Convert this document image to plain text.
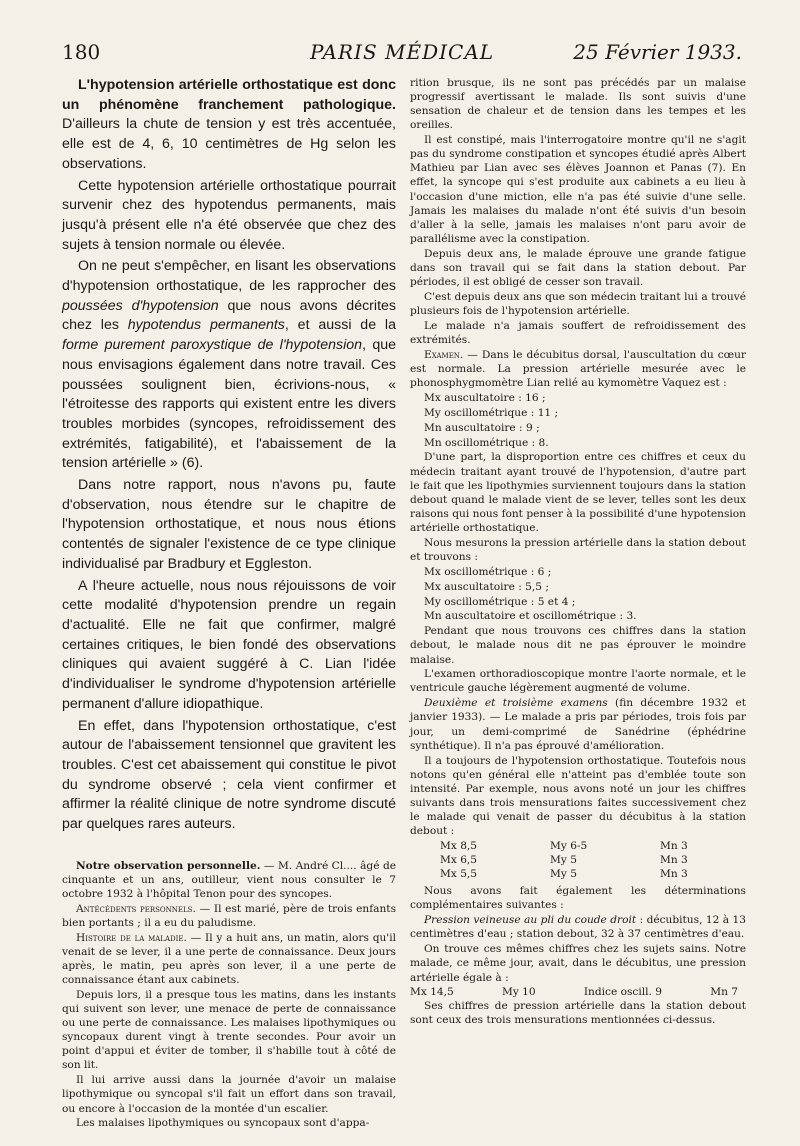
180	PARIS MÉDICAL	25 Février 1933.

L'hypotension artérielle orthostatique est donc un phénomène franchement pathologique. D'ailleurs la chute de tension y est très accentuée, elle est de 4, 6, 10 centimètres de Hg selon les observations.

Cette hypotension artérielle orthostatique pourrait survenir chez des hypotendus permanents, mais jusqu'à présent elle n'a été observée que chez des sujets à tension normale ou élevée.

On ne peut s'empêcher, en lisant les observations d'hypotension orthostatique, de les rapprocher des poussées d'hypotension que nous avons décrites chez les hypotendus permanents, et aussi de la forme purement paroxystique de l'hypotension, que nous envisagions également dans notre travail. Ces poussées soulignent bien, écrivions-nous, « l'étroitesse des rapports qui existent entre les divers troubles morbides (syncopes, refroidissement des extrémités, fatigabilité), et l'abaissement de la tension artérielle » (6).

Dans notre rapport, nous n'avons pu, faute d'observation, nous étendre sur le chapitre de l'hypotension orthostatique, et nous nous étions contentés de signaler l'existence de ce type clinique individualisé par Bradbury et Eggleston.

A l'heure actuelle, nous nous réjouissons de voir cette modalité d'hypotension prendre un regain d'actualité. Elle ne fait que confirmer, malgré certaines critiques, le bien fondé des observations cliniques qui avaient suggéré à C. Lian l'idée d'individualiser le syndrome d'hypotension artérielle permanent d'allure idiopathique.

En effet, dans l'hypotension orthostatique, c'est autour de l'abaissement tensionnel que gravitent les troubles. C'est cet abaissement qui constitue le pivot du syndrome observé ; cela vient confirmer et affirmer la réalité clinique de notre syndrome discuté par quelques rares auteurs.

Notre observation personnelle. — M. André Cl.... âgé de cinquante et un ans, outilleur, vient nous consulter le 7 octobre 1932 à l'hôpital Tenon pour des syncopes.

Antécédents personnels. — Il est marié, père de trois enfants bien portants ; il a eu du paludisme.

Histoire de la maladie. — Il y a huit ans, un matin, alors qu'il venait de se lever, il a une perte de connaissance. Deux jours après, le matin, peu après son lever, il a une perte de connaissance étant aux cabinets.

Depuis lors, il a presque tous les matins, dans les instants qui suivent son lever, une menace de perte de connaissance ou une perte de connaissance. Les malaises lipothymiques ou syncopaux durent vingt à trente secondes. Pour avoir un point d'appui et éviter de tomber, il s'habille tout à côté de son lit.

Il lui arrive aussi dans la journée d'avoir un malaise lipothymique ou syncopal s'il fait un effort dans son travail, ou encore à l'occasion de la montée d'un escalier.

Les malaises lipothymiques ou syncopaux sont d'appa-

rition brusque, ils ne sont pas précédés par un malaise progressif avertissant le malade. Ils sont suivis d'une sensation de chaleur et de tension dans les tempes et les oreilles.

Il est constipé, mais l'interrogatoire montre qu'il ne s'agit pas du syndrome constipation et syncopes étudié après Albert Mathieu par Lian avec ses élèves Joannon et Panas (7). En effet, la syncope qui s'est produite aux cabinets a eu lieu à l'occasion d'une miction, elle n'a pas été suivie d'une selle. Jamais les malaises du malade n'ont été suivis d'un besoin d'aller à la selle, jamais les malaises n'ont paru avoir de parallélisme avec la constipation.

Depuis deux ans, le malade éprouve une grande fatigue dans son travail qui se fait dans la station debout. Par périodes, il est obligé de cesser son travail.

C'est depuis deux ans que son médecin traitant lui a trouvé plusieurs fois de l'hypotension artérielle.

Le malade n'a jamais souffert de refroidissement des extrémités.

Examen. — Dans le décubitus dorsal, l'auscultation du cœur est normale. La pression artérielle mesurée avec le phonosphygmomètre Lian relié au kymomètre Vaquez est :

Mx auscultatoire : 16 ;

My oscillométrique : 11 ;

Mn auscultatoire : 9 ;

Mn oscillométrique : 8.

D'une part, la disproportion entre ces chiffres et ceux du médecin traitant ayant trouvé de l'hypotension, d'autre part le fait que les lipothymies surviennent toujours dans la station debout quand le malade vient de se lever, telles sont les deux raisons qui nous font penser à la possibilité d'une hypotension artérielle orthostatique.

Nous mesurons la pression artérielle dans la station debout et trouvons :

Mx oscillométrique : 6 ;

Mx auscultatoire : 5,5 ;

My oscillométrique : 5 et 4 ;

Mn auscultatoire et oscillométrique : 3.

Pendant que nous trouvons ces chiffres dans la station debout, le malade nous dit ne pas éprouver le moindre malaise.

L'examen orthoradioscopique montre l'aorte normale, et le ventricule gauche légèrement augmenté de volume.

Deuxième et troisième examens (fin décembre 1932 et janvier 1933). — Le malade a pris par périodes, trois fois par jour, un demi-comprimé de Sanédrine (éphédrine synthétique). Il n'a pas éprouvé d'amélioration.

Il a toujours de l'hypotension orthostatique. Toutefois nous notons qu'en général elle n'atteint pas d'emblée toute son intensité. Par exemple, nous avons noté un jour les chiffres suivants dans trois mensurations faites successivement chez le malade qui venait de passer du décubitus à la station debout :

Mx 8,5	My 6-5	Mn 3
Mx 6,5	My 5	Mn 3
Mx 5,5	My 5	Mn 3

Nous avons fait également les déterminations complémentaires suivantes :

Pression veineuse au pli du coude droit : décubitus, 12 à 13 centimètres d'eau ; station debout, 32 à 37 centimètres d'eau.

On trouve ces mêmes chiffres chez les sujets sains. Notre malade, ce même jour, avait, dans le décubitus, une pression artérielle égale à :

Mx 14,5	My 10	Indice oscill. 9	Mn 7

Ses chiffres de pression artérielle dans la station debout sont ceux des trois mensurations mentionnées ci-dessus.
